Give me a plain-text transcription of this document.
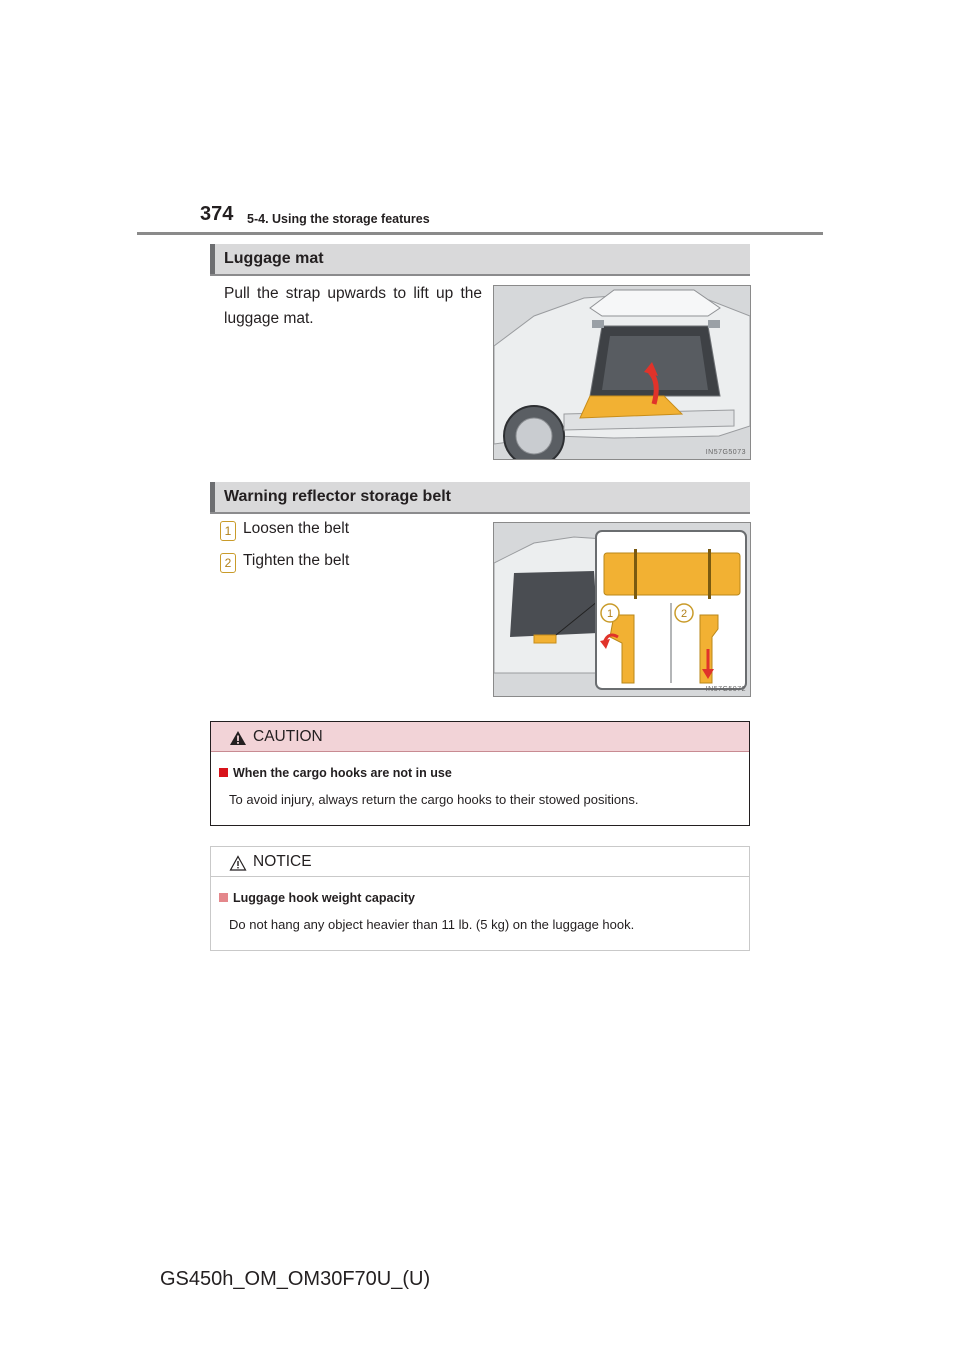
374 5-4. Using the storage features
Luggage mat
Pull the strap upwards to lift up the luggage mat.
IN57G5073
Warning reflector storage belt
1 Loosen the belt
2 Tighten the belt
1	2
IN57G5072
CAUTION
When the cargo hooks are not in use
To avoid injury, always return the cargo hooks to their stowed positions.
NOTICE
Luggage hook weight capacity
Do not hang any object heavier than 11 lb. (5 kg) on the luggage hook.
GS450h_OM_OM30F70U_(U)
